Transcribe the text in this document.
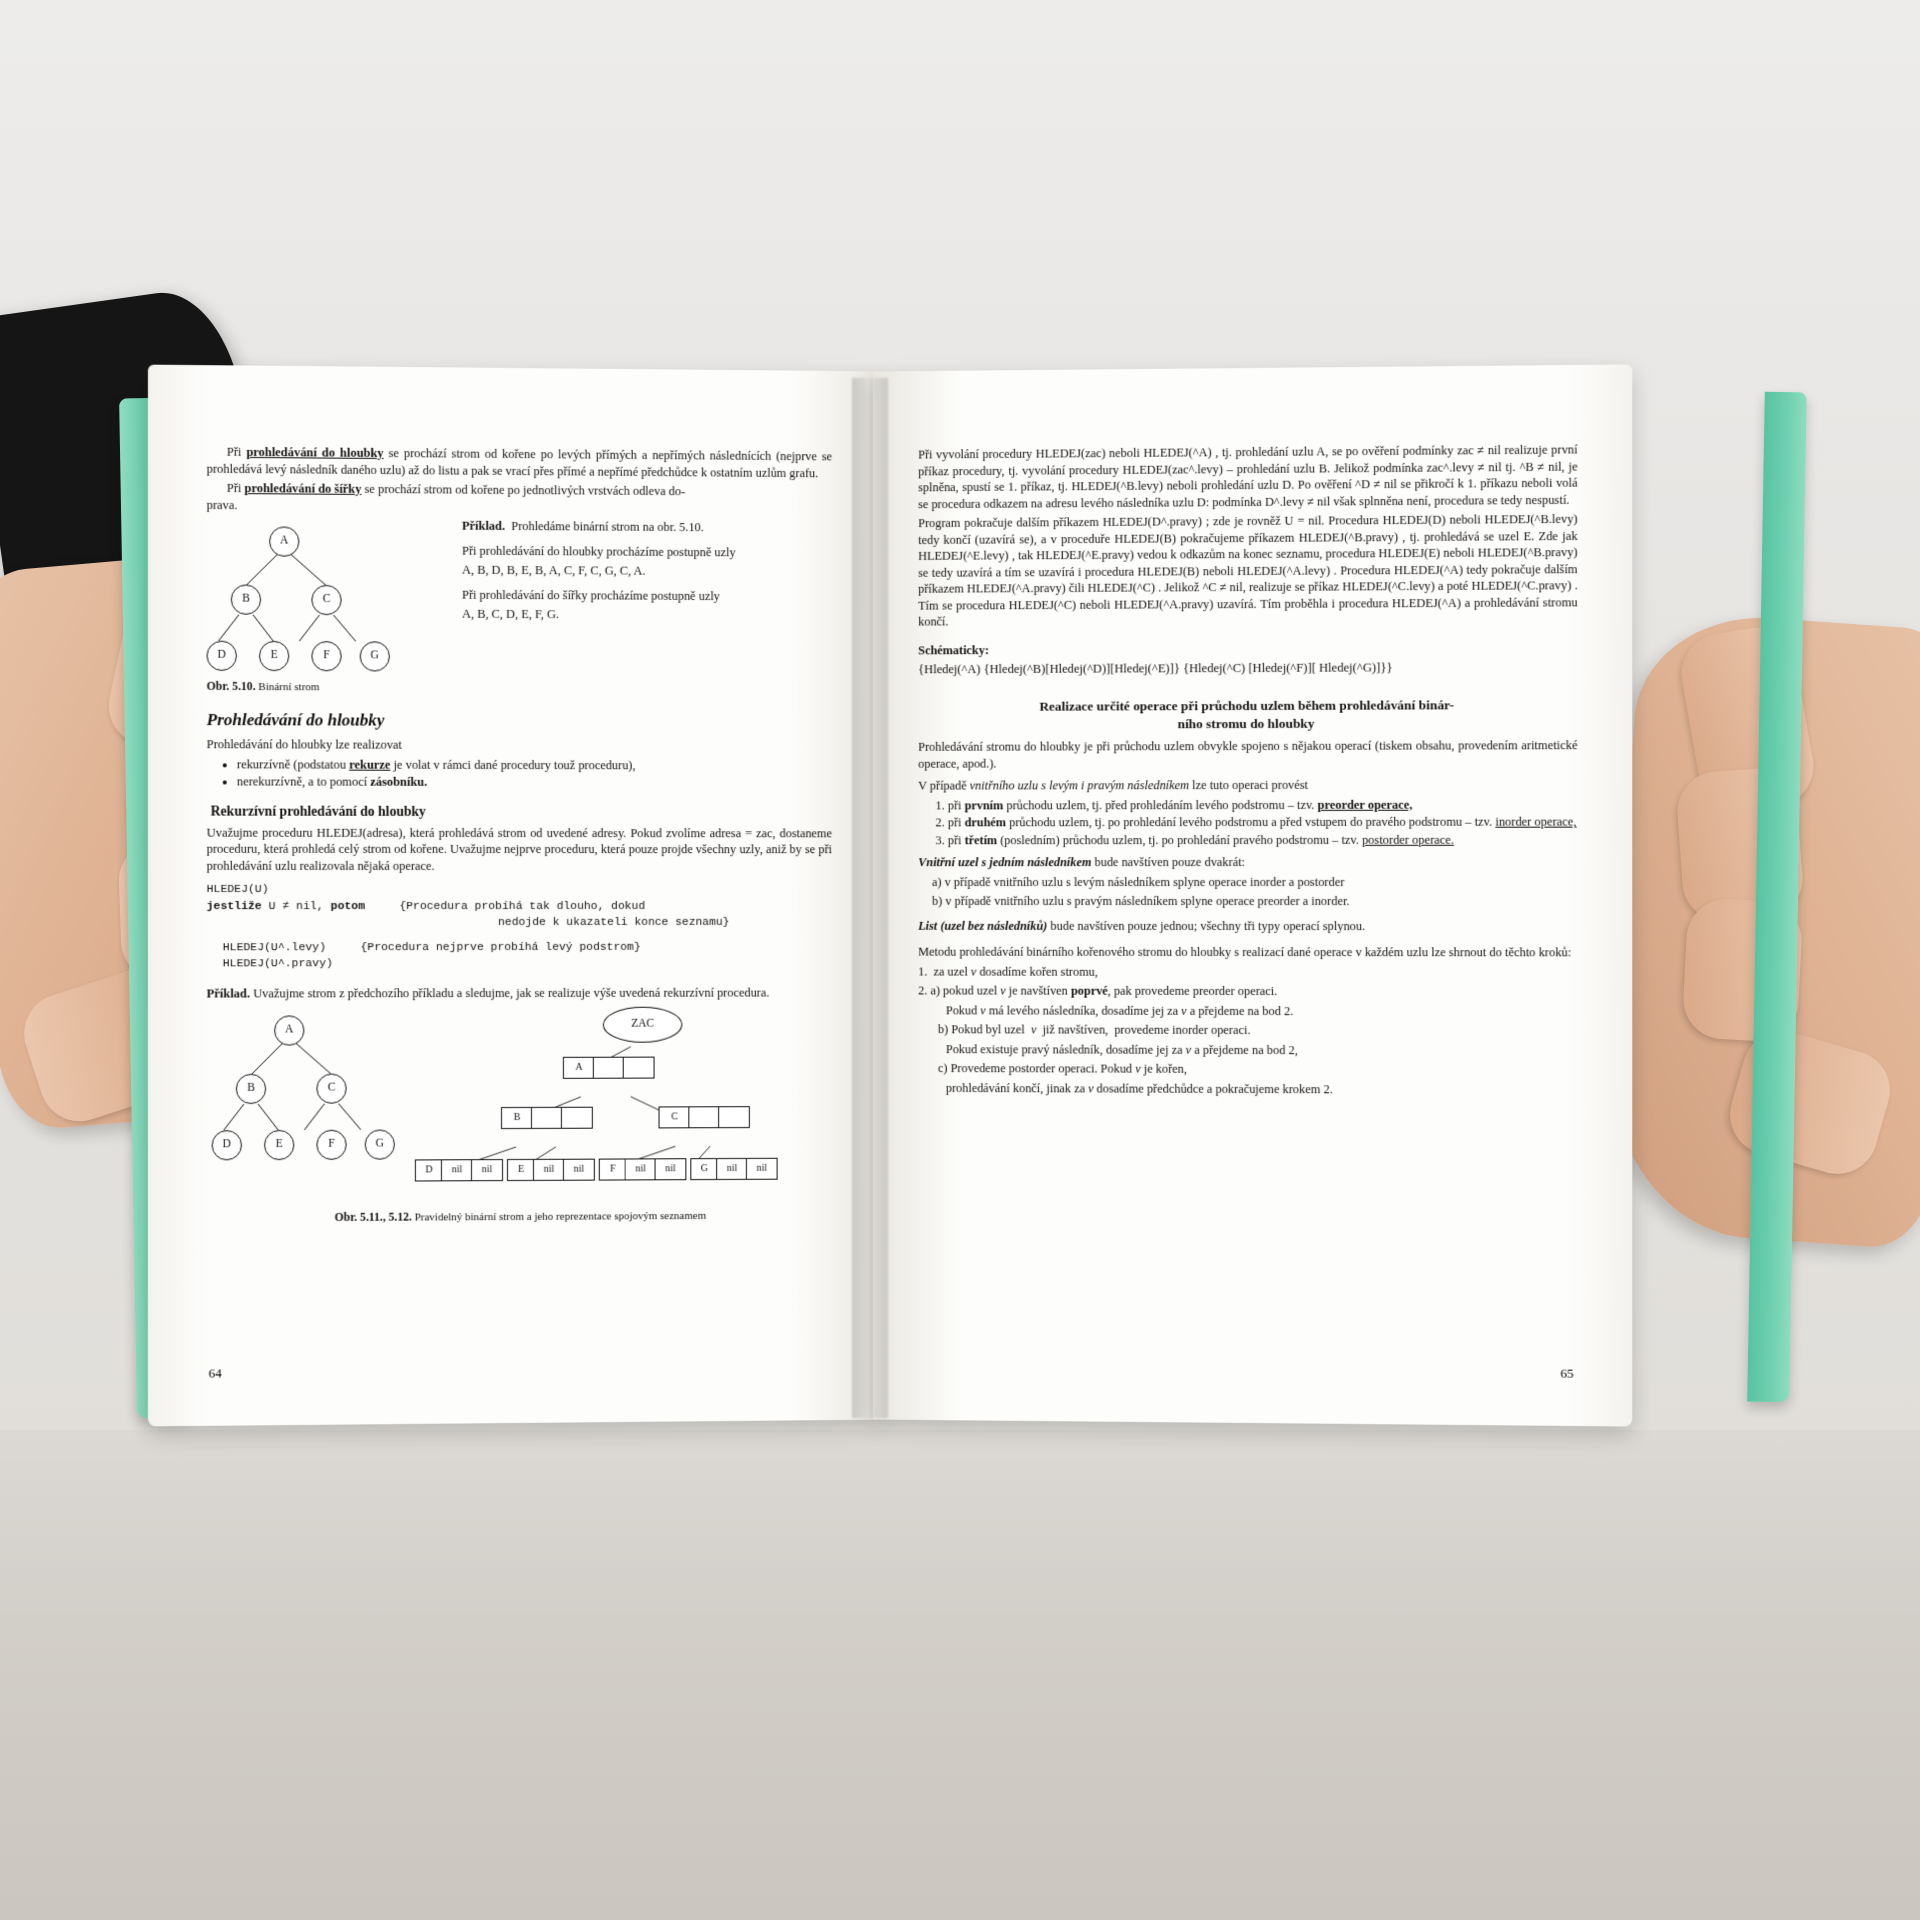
Při prohledávání do hloubky se prochází strom od kořene po levých přímých a nepřímých následnících (nejprve se prohledává levý následník daného uzlu) až do listu a pak se vrací přes přímé a nepřímé předchůdce k ostatním uzlům grafu.

Při prohledávání do šířky se prochází strom od kořene po jednotlivých vrstvách odleva do-
prava.

A
B	C
D	E	F	G

Příklad. Prohledáme binární strom na obr. 5.10.

Při prohledávání do hloubky procházíme postupně uzly

A, B, D, B, E, B, A, C, F, C, G, C, A.

Při prohledávání do šířky procházíme postupně uzly

A, B, C, D, E, F, G.

Obr. 5.10. Binární strom

Prohledávání do hloubky

Prohledávání do hloubky lze realizovat

• rekurzívně (podstatou rekurze je volat v rámci dané procedury touž proceduru),
• nerekurzívně, a to pomocí zásobníku.
Rekurzívní prohledávání do hloubky

Uvažujme proceduru HLEDEJ(adresa), která prohledává strom od uvedené adresy. Pokud zvolíme adresa = zac, dostaneme proceduru, která prohledá celý strom od kořene. Uvažujme nejprve proceduru, která pouze projde všechny uzly, aniž by se při prohledávání uzlu realizovala nějaká operace.

HLEDEJ(U)
jestliže U ≠ nil, potom	{Procedura probíhá tak dlouho, dokud
nedojde k ukazateli konce seznamu}
HLEDEJ(U^.levy)	{Procedura nejprve probíhá levý podstrom}
HLEDEJ(U^.pravy)

Příklad. Uvažujme strom z předchozího příkladu a sledujme, jak se realizuje výše uvedená rekurzívní procedura.

A
B	C
D	E	F	G
ZAC
A
B	C
D	nil	nil	E	nil	nil	F	nil	nil	G	nil	nil

Obr. 5.11., 5.12. Pravidelný binární strom a jeho reprezentace spojovým seznamem

64

Při vyvolání procedury HLEDEJ(zac) neboli HLEDEJ(^A) , tj. prohledání uzlu A, se po ověření podmínky zac ≠ nil realizuje první příkaz procedury, tj. vyvolání procedury HLEDEJ(zac^.levy) – prohledání uzlu B. Jelikož podmínka zac^.levy ≠ nil tj. ^B ≠ nil, je splněna, spustí se 1. příkaz, tj. HLEDEJ(^B.levy) neboli prohledání uzlu D. Po ověření ^D ≠ nil se přikročí k 1. příkazu neboli volá se procedura odkazem na adresu levého následníka uzlu D: podmínka D^.levy ≠ nil však splnněna není, procedura se tedy nespustí.

Program pokračuje dalším příkazem HLEDEJ(D^.pravy) ; zde je rovněž U = nil. Procedura HLEDEJ(D) neboli HLEDEJ(^B.levy) tedy končí (uzavírá se), a v proceduře HLEDEJ(B) pokračujeme příkazem HLEDEJ(^B.pravy) , tj. prohledává se uzel E. Zde jak HLEDEJ(^E.levy) , tak HLEDEJ(^E.pravy) vedou k odkazům na konec seznamu, procedura HLEDEJ(E) neboli HLEDEJ(^B.pravy) se tedy uzavírá a tím se uzavírá i procedura HLEDEJ(B) neboli HLEDEJ(^A.levy) . Procedura HLEDEJ(^A) tedy pokračuje dalším příkazem HLEDEJ(^A.pravy) čili HLEDEJ(^C) . Jelikož ^C ≠ nil, realizuje se příkaz HLEDEJ(^C.levy) a poté HLEDEJ(^C.pravy) . Tím se procedura HLEDEJ(^C) neboli HLEDEJ(^A.pravy) uzavírá. Tím proběhla i procedura HLEDEJ(^A) a prohledávání stromu končí.

Schématicky:

{Hledej(^A) {Hledej(^B)[Hledej(^D)][Hledej(^E)]} {Hledej(^C) [Hledej(^F)][ Hledej(^G)]}}

Realizace určité operace při průchodu uzlem během prohledávání binár-
ního stromu do hloubky

Prohledávání stromu do hloubky je při průchodu uzlem obvykle spojeno s nějakou operací (tiskem obsahu, provedením aritmetické operace, apod.).

V případě vnitřního uzlu s levým i pravým následníkem lze tuto operaci provést

1. při prvním průchodu uzlem, tj. před prohledáním levého podstromu – tzv. preorder operace,
2. při druhém průchodu uzlem, tj. po prohledání levého podstromu a před vstupem do pravého podstromu – tzv. inorder operace,
3. při třetím (posledním) průchodu uzlem, tj. po prohledání pravého podstromu – tzv. postorder operace.

Vnitřní uzel s jedním následníkem bude navštíven pouze dvakrát:

a) v případě vnitřního uzlu s levým následníkem splyne operace inorder a postorder

b) v případě vnitřního uzlu s pravým následníkem splyne operace preorder a inorder.

List (uzel bez následníků) bude navštíven pouze jednou; všechny tři typy operací splynou.

Metodu prohledávání binárního kořenového stromu do hloubky s realizací dané operace v každém uzlu lze shrnout do těchto kroků:

1.  za uzel v dosadíme kořen stromu,

2. a) pokud uzel v je navštíven poprvé, pak provedeme preorder operaci.

Pokud v má levého následníka, dosadíme jej za v a přejdeme na bod 2.

b) Pokud byl uzel  v  již navštíven,  provedeme inorder operaci.

Pokud existuje pravý následník, dosadíme jej za v a přejdeme na bod 2,

c) Provedeme postorder operaci. Pokud v je kořen,

prohledávání končí, jinak za v dosadíme předchůdce a pokračujeme krokem 2.

65
